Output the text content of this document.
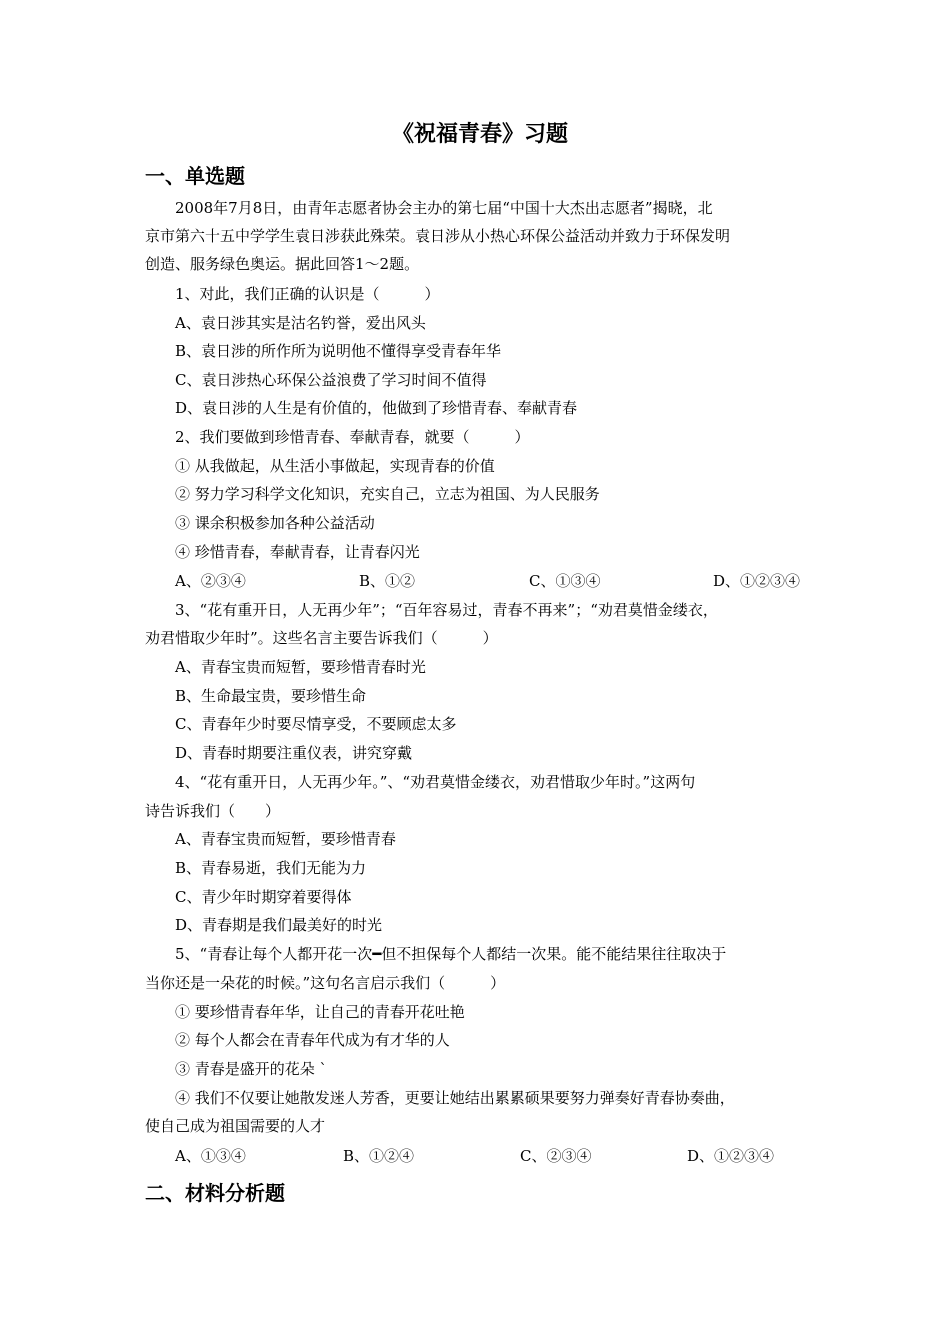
《祝福青春》习题
一、单选题
2008年7月8日，由青年志愿者协会主办的第七届“中国十大杰出志愿者”揭晓，北
京市第六十五中学学生袁日涉获此殊荣。袁日涉从小热心环保公益活动并致力于环保发明
创造、服务绿色奥运。据此回答1～2题。
1、对此，我们正确的认识是（　　　）
A、袁日涉其实是沽名钓誉，爱出风头
B、袁日涉的所作所为说明他不懂得享受青春年华
C、袁日涉热心环保公益浪费了学习时间不值得
D、袁日涉的人生是有价值的，他做到了珍惜青春、奉献青春
2、我们要做到珍惜青春、奉献青春，就要（　　　）
① 从我做起，从生活小事做起，实现青春的价值
② 努力学习科学文化知识，充实自己，立志为祖国、为人民服务
③ 课余积极参加各种公益活动
④ 珍惜青春，奉献青春，让青春闪光
A、②③④	B、①②	C、①③④	D、①②③④
3、“花有重开日，人无再少年”；“百年容易过，青春不再来”；“劝君莫惜金缕衣，
劝君惜取少年时”。这些名言主要告诉我们（　　　）
A、青春宝贵而短暂，要珍惜青春时光
B、生命最宝贵，要珍惜生命
C、青春年少时要尽情享受，不要顾虑太多
D、青春时期要注重仪表，讲究穿戴
4、“花有重开日，人无再少年。”、“劝君莫惜金缕衣，劝君惜取少年时。”这两句
诗告诉我们（　　）
A、青春宝贵而短暂，要珍惜青春
B、青春易逝，我们无能为力
C、青少年时期穿着要得体
D、青春期是我们最美好的时光
5、“青春让每个人都开花一次━但不担保每个人都结一次果。能不能结果往往取决于
当你还是一朵花的时候。”这句名言启示我们（　　　）
① 要珍惜青春年华，让自己的青春开花吐艳
② 每个人都会在青春年代成为有才华的人
③ 青春是盛开的花朵 `
④ 我们不仅要让她散发迷人芳香，更要让她结出累累硕果要努力弹奏好青春协奏曲，
使自己成为祖国需要的人才
A、①③④	B、①②④	C、②③④	D、①②③④
二、材料分析题
